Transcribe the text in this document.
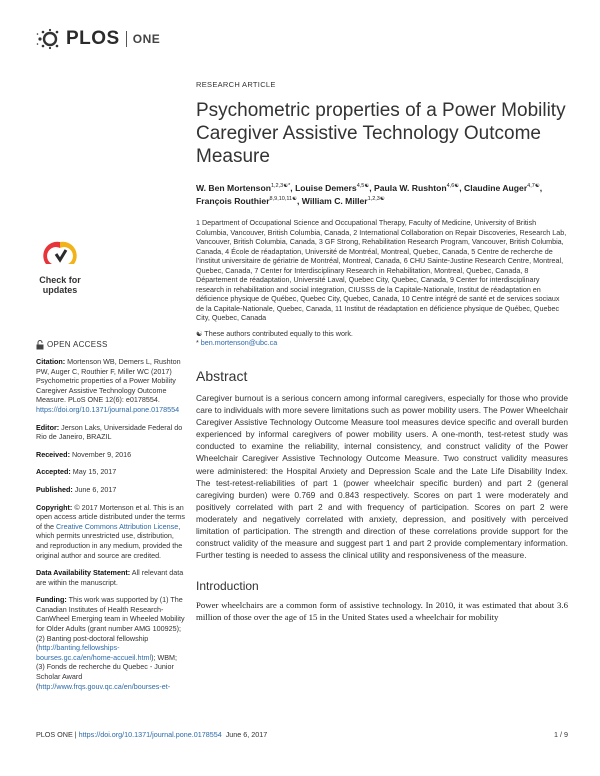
PLOS ONE
Check for updates
OPEN ACCESS

Citation: Mortenson WB, Demers L, Rushton PW, Auger C, Routhier F, Miller WC (2017) Psychometric properties of a Power Mobility Caregiver Assistive Technology Outcome Measure. PLoS ONE 12(6): e0178554. https://doi.org/10.1371/journal.pone.0178554

Editor: Jerson Laks, Universidade Federal do Rio de Janeiro, BRAZIL

Received: November 9, 2016

Accepted: May 15, 2017

Published: June 6, 2017

Copyright: © 2017 Mortenson et al. This is an open access article distributed under the terms of the Creative Commons Attribution License, which permits unrestricted use, distribution, and reproduction in any medium, provided the original author and source are credited.

Data Availability Statement: All relevant data are within the manuscript.

Funding: This work was supported by (1) The Canadian Institutes of Health Research-CanWheel Emerging team in Wheeled Mobility for Older Adults (grant number AMG 100925); (2) Banting post-doctoral fellowship (http://banting.fellowships-bourses.gc.ca/en/home-accueil.html); WBM; (3) Fonds de recherche du Quebec - Junior Scholar Award (http://www.frqs.gouv.qc.ca/en/bourses-et-

RESEARCH ARTICLE
Psychometric properties of a Power Mobility Caregiver Assistive Technology Outcome Measure
W. Ben Mortenson$^{1,2,3☯*}$, Louise Demers$^{4,5☯}$, Paula W. Rushton$^{4,6☯}$, Claudine Auger$^{4,7☯}$, François Routhier$^{8,9,10,11☯}$, William C. Miller$^{1,2,3☯}$
1 Department of Occupational Science and Occupational Therapy, Faculty of Medicine, University of British Columbia, Vancouver, British Columbia, Canada, 2 International Collaboration on Repair Discoveries, Research Lab, Vancouver, British Columbia, Canada, 3 GF Strong, Rehabilitation Research Program, Vancouver, British Columbia, Canada, 4 École de réadaptation, Université de Montréal, Montreal, Quebec, Canada, 5 Centre de recherche de l’institut universitaire de gériatrie de Montréal, Montreal, Canada, 6 CHU Sainte-Justine Research Centre, Montreal, Quebec, Canada, 7 Center for Interdisciplinary Research in Rehabilitation, Montreal, Quebec, Canada, 8 Département de réadaptation, Université Laval, Quebec City, Quebec, Canada, 9 Center for interdisciplinary research in rehabilitation and social integration, CIUSSS de la Capitale-Nationale, Institut de réadaptation en déficience physique de Québec, Quebec City, Quebec, Canada, 10 Centre intégré de santé et de services sociaux de la Capitale-Nationale, Quebec, Canada, 11 Institut de réadaptation en déficience physique de Québec, Quebec City, Quebec, Canada
☯ These authors contributed equally to this work.
* ben.mortenson@ubc.ca
Abstract
Caregiver burnout is a serious concern among informal caregivers, especially for those who provide care to individuals with more severe limitations such as power mobility users. The Power Wheelchair Caregiver Assistive Technology Outcome Measure tool measures device specific and overall burden experienced by informal caregivers of power mobility users. A one-month, test-retest study was conducted to examine the reliability, internal consistency, and construct validity of the Power Wheelchair Caregiver Assistive Technology Outcome Measure. Two construct validity measures were administered: the Hospital Anxiety and Depression Scale and the Late Life Disability Index. The test-retest-reliabilities of part 1 (power wheelchair specific burden) and part 2 (general caregiving burden) were 0.769 and 0.843 respectively. Scores on part 1 were moderately and positively correlated with part 2 and with frequency of participation. Scores on part 2 were moderately and negatively correlated with anxiety, depression, and positively with perceived limitation of participation. The strength and direction of these correlations provide support for the construct validity of the measure and suggest part 1 and part 2 provide complementary information. Further testing is needed to assess the clinical utility and responsiveness of the measure.
Introduction
Power wheelchairs are a common form of assistive technology. In 2010, it was estimated that about 3.6 million of those over the age of 15 in the United States used a wheelchair for mobility
PLOS ONE | https://doi.org/10.1371/journal.pone.0178554
June 6, 2017	1 / 9
